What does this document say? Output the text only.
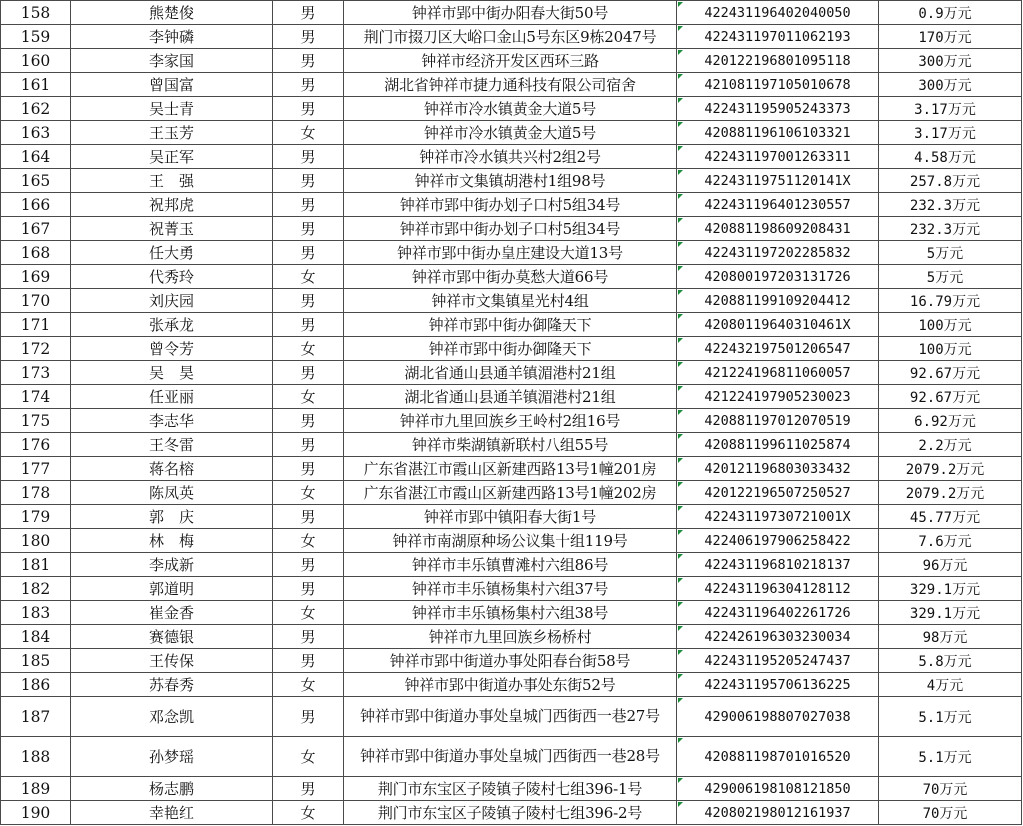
158	熊楚俊	男	钟祥市郢中街办阳春大街50号	422431196402040050	0.9万元
159	李钟磷	男	荆门市掇刀区大峪口金山5号东区9栋2047号	422431197011062193	170万元
160	李家国	男	钟祥市经济开发区西环三路	420122196801095118	300万元
161	曾国富	男	湖北省钟祥市捷力通科技有限公司宿舍	421081197105010678	300万元
162	吴士青	男	钟祥市冷水镇黄金大道5号	422431195905243373	3.17万元
163	王玉芳	女	钟祥市冷水镇黄金大道5号	420881196106103321	3.17万元
164	吴正军	男	钟祥市冷水镇共兴村2组2号	422431197001263311	4.58万元
165	王　强	男	钟祥市文集镇胡港村1组98号	42243119751120141X	257.8万元
166	祝邦虎	男	钟祥市郢中街办划子口村5组34号	422431196401230557	232.3万元
167	祝菁玉	男	钟祥市郢中街办划子口村5组34号	420881198609208431	232.3万元
168	任大勇	男	钟祥市郢中街办皇庄建设大道13号	422431197202285832	5万元
169	代秀玲	女	钟祥市郢中街办莫愁大道66号	420800197203131726	5万元
170	刘庆园	男	钟祥市文集镇星光村4组	420881199109204412	16.79万元
171	张承龙	男	钟祥市郢中街办御隆天下	42080119640310461X	100万元
172	曾令芳	女	钟祥市郢中街办御隆天下	422432197501206547	100万元
173	吴　昊	男	湖北省通山县通羊镇湄港村21组	421224196811060057	92.67万元
174	任亚丽	女	湖北省通山县通羊镇湄港村21组	421224197905230023	92.67万元
175	李志华	男	钟祥市九里回族乡王岭村2组16号	420881197012070519	6.92万元
176	王冬雷	男	钟祥市柴湖镇新联村八组55号	420881199611025874	2.2万元
177	蒋名榕	男	广东省湛江市霞山区新建西路13号1幢201房	420121196803033432	2079.2万元
178	陈凤英	女	广东省湛江市霞山区新建西路13号1幢202房	420122196507250527	2079.2万元
179	郭　庆	男	钟祥市郢中镇阳春大街1号	42243119730721001X	45.77万元
180	林　梅	女	钟祥市南湖原种场公议集十组119号	422406197906258422	7.6万元
181	李成新	男	钟祥市丰乐镇曹滩村六组86号	422431196810218137	96万元
182	郭道明	男	钟祥市丰乐镇杨集村六组37号	422431196304128112	329.1万元
183	崔金香	女	钟祥市丰乐镇杨集村六组38号	422431196402261726	329.1万元
184	赛德银	男	钟祥市九里回族乡杨桥村	422426196303230034	98万元
185	王传保	男	钟祥市郢中街道办事处阳春台街58号	422431195205247437	5.8万元
186	苏春秀	女	钟祥市郢中街道办事处东街52号	422431195706136225	4万元
187	邓念凯	男	钟祥市郢中街道办事处皇城门西街西一巷27号	429006198807027038	5.1万元
188	孙梦瑶	女	钟祥市郢中街道办事处皇城门西街西一巷28号	420881198701016520	5.1万元
189	杨志鹏	男	荆门市东宝区子陵镇子陵村七组396-1号	429006198108121850	70万元
190	幸艳红	女	荆门市东宝区子陵镇子陵村七组396-2号	420802198012161937	70万元
